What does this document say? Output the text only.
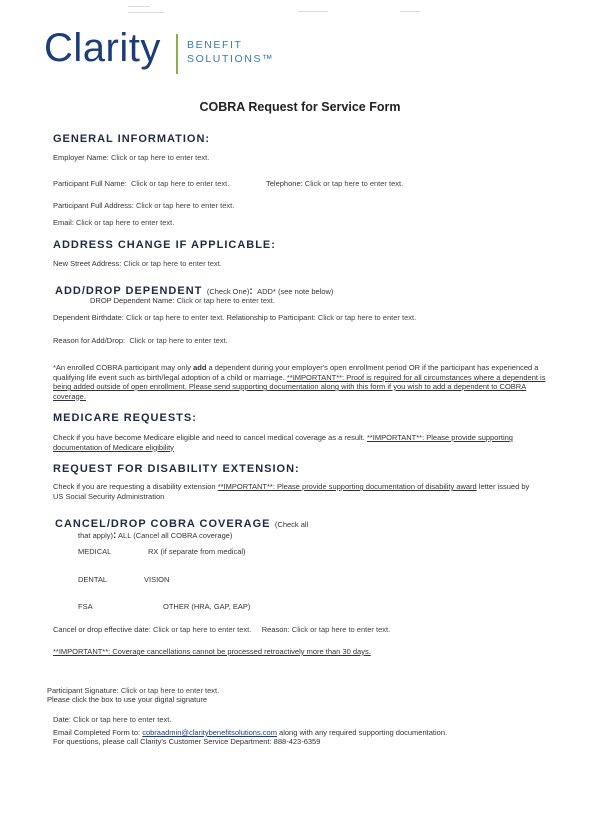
Clarity BENEFIT
SOLUTIONS™
COBRA Request for Service Form
GENERAL INFORMATION:
Employer Name: Click or tap here to enter text.
Participant Full Name: Click or tap here to enter text.	Telephone: Click or tap here to enter text.
Participant Full Address: Click or tap here to enter text.
Email: Click or tap here to enter text.
ADDRESS CHANGE IF APPLICABLE:
New Street Address: Click or tap here to enter text.
ADD/DROP DEPENDENT (Check One): ADD* (see note below)
DROP Dependent Name: Click or tap here to enter text.
Dependent Birthdate: Click or tap here to enter text. Relationship to Participant: Click or tap here to enter text.
Reason for Add/Drop: Click or tap here to enter text.
*An enrolled COBRA participant may only add a dependent during your employer's open enrollment period OR if the participant has experienced a qualifying life event such as birth/legal adoption of a child or marriage. **IMPORTANT**: Proof is required for all circumstances where a dependent is being added outside of open enrollment. Please send supporting documentation along with this form if you wish to add a dependent to COBRA coverage.
MEDICARE REQUESTS:
Check if you have become Medicare eligible and need to cancel medical coverage as a result. **IMPORTANT**: Please provide supporting documentation of Medicare eligibility
REQUEST FOR DISABILITY EXTENSION:
Check if you are requesting a disability extension **IMPORTANT**: Please provide supporting documentation of disability award letter issued by US Social Security Administration
CANCEL/DROP COBRA COVERAGE (Check all
that apply): ALL (Cancel all COBRA coverage)
MEDICAL	RX (if separate from medical)
DENTAL	VISION
FSA	OTHER (HRA, GAP, EAP)
Cancel or drop effective date: Click or tap here to enter text. Reason: Click or tap here to enter text.
**IMPORTANT**: Coverage cancellations cannot be processed retroactively more than 30 days.
Participant Signature: Click or tap here to enter text.
Please click the box to use your digital signature
Date: Click or tap here to enter text.
Email Completed Form to: cobraadmin@claritybenefitsolutions.com along with any required supporting documentation.
For questions, please call Clarity's Customer Service Department: 888-423-6359
